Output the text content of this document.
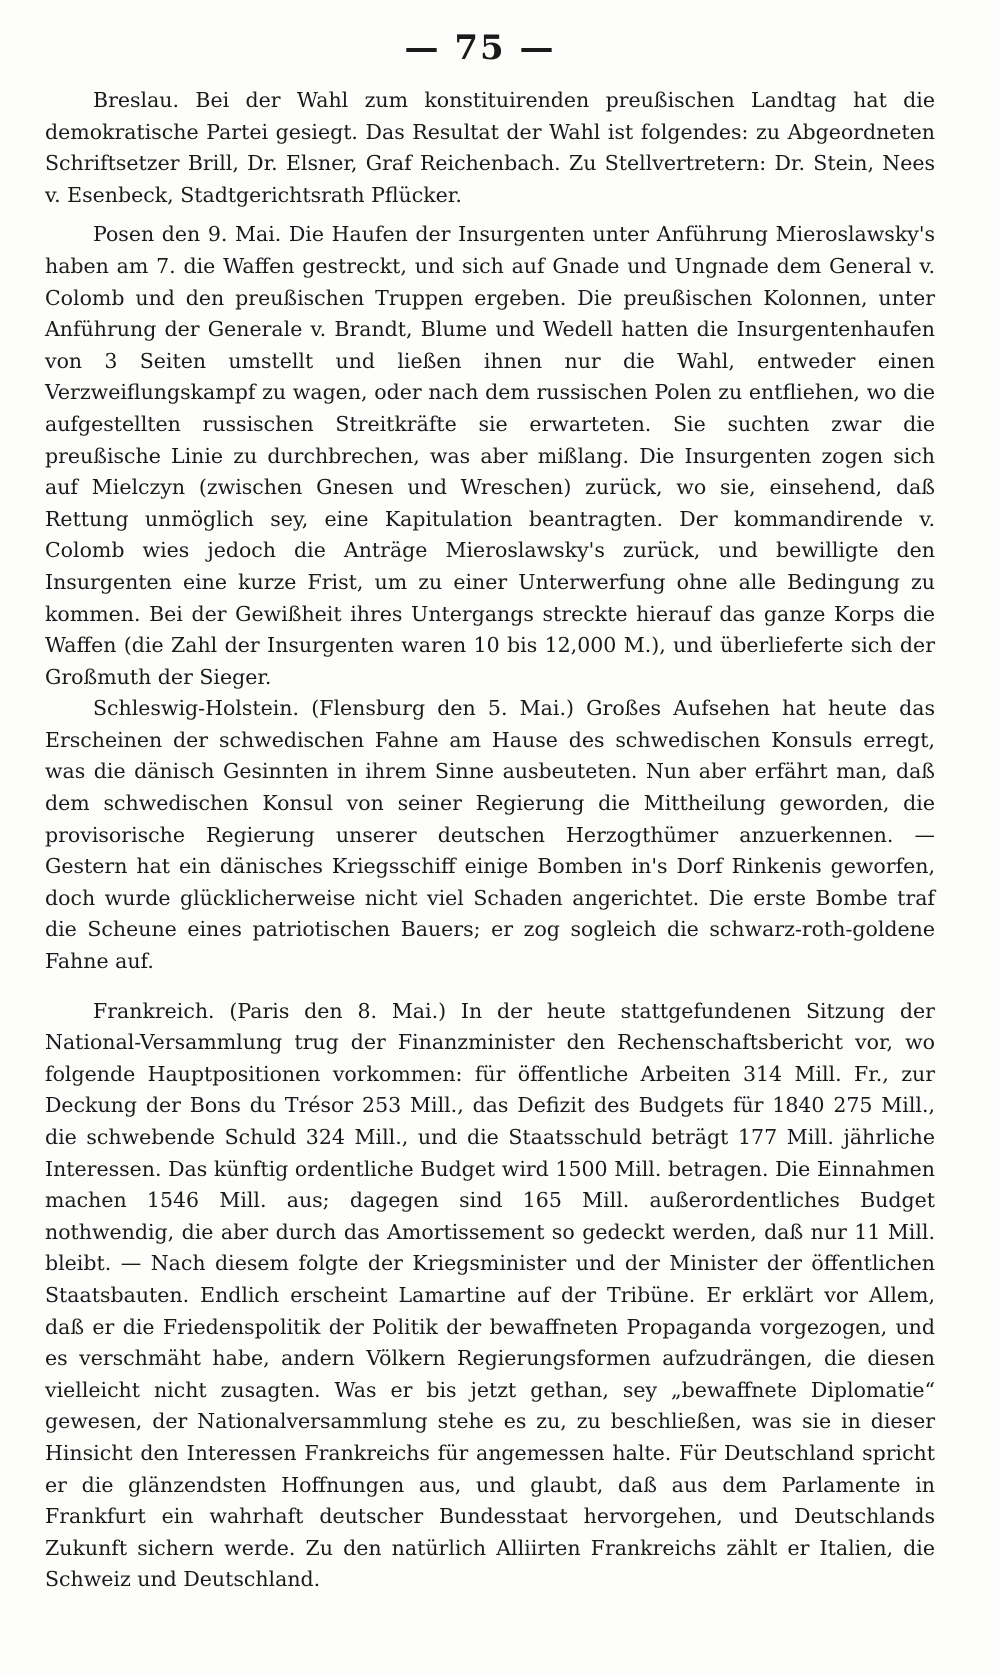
— 75 —

Breslau. Bei der Wahl zum konstituirenden preußischen Landtag hat die demokratische Partei gesiegt. Das Resultat der Wahl ist folgendes: zu Abgeordneten Schriftsetzer Brill, Dr. Elsner, Graf Reichenbach. Zu Stellvertretern: Dr. Stein, Nees v. Esenbeck, Stadtgerichtsrath Pflücker.

Posen den 9. Mai. Die Haufen der Insurgenten unter Anführung Mieroslawsky's haben am 7. die Waffen gestreckt, und sich auf Gnade und Ungnade dem General v. Colomb und den preußischen Truppen ergeben. Die preußischen Kolonnen, unter Anführung der Generale v. Brandt, Blume und Wedell hatten die Insurgentenhaufen von 3 Seiten umstellt und ließen ihnen nur die Wahl, entweder einen Verzweiflungskampf zu wagen, oder nach dem russischen Polen zu entfliehen, wo die aufgestellten russischen Streitkräfte sie erwarteten. Sie suchten zwar die preußische Linie zu durchbrechen, was aber mißlang. Die Insurgenten zogen sich auf Mielczyn (zwischen Gnesen und Wreschen) zurück, wo sie, einsehend, daß Rettung unmöglich sey, eine Kapitulation beantragten. Der kommandirende v. Colomb wies jedoch die Anträge Mieroslawsky's zurück, und bewilligte den Insurgenten eine kurze Frist, um zu einer Unterwerfung ohne alle Bedingung zu kommen. Bei der Gewißheit ihres Untergangs streckte hierauf das ganze Korps die Waffen (die Zahl der Insurgenten waren 10 bis 12,000 M.), und überlieferte sich der Großmuth der Sieger.

Schleswig-Holstein. (Flensburg den 5. Mai.) Großes Aufsehen hat heute das Erscheinen der schwedischen Fahne am Hause des schwedischen Konsuls erregt, was die dänisch Gesinnten in ihrem Sinne ausbeuteten. Nun aber erfährt man, daß dem schwedischen Konsul von seiner Regierung die Mittheilung geworden, die provisorische Regierung unserer deutschen Herzogthümer anzuerkennen. — Gestern hat ein dänisches Kriegsschiff einige Bomben in's Dorf Rinkenis geworfen, doch wurde glücklicherweise nicht viel Schaden angerichtet. Die erste Bombe traf die Scheune eines patriotischen Bauers; er zog sogleich die schwarz-roth-goldene Fahne auf.

Frankreich. (Paris den 8. Mai.) In der heute stattgefundenen Sitzung der National-Versammlung trug der Finanzminister den Rechenschaftsbericht vor, wo folgende Hauptpositionen vorkommen: für öffentliche Arbeiten 314 Mill. Fr., zur Deckung der Bons du Trésor 253 Mill., das Defizit des Budgets für 1840 275 Mill., die schwebende Schuld 324 Mill., und die Staatsschuld beträgt 177 Mill. jährliche Interessen. Das künftig ordentliche Budget wird 1500 Mill. betragen. Die Einnahmen machen 1546 Mill. aus; dagegen sind 165 Mill. außerordentliches Budget nothwendig, die aber durch das Amortissement so gedeckt werden, daß nur 11 Mill. bleibt. — Nach diesem folgte der Kriegsminister und der Minister der öffentlichen Staatsbauten. Endlich erscheint Lamartine auf der Tribüne. Er erklärt vor Allem, daß er die Friedenspolitik der Politik der bewaffneten Propaganda vorgezogen, und es verschmäht habe, andern Völkern Regierungsformen aufzudrängen, die diesen vielleicht nicht zusagten. Was er bis jetzt gethan, sey „bewaffnete Diplomatie“ gewesen, der Nationalversammlung stehe es zu, zu beschließen, was sie in dieser Hinsicht den Interessen Frankreichs für angemessen halte. Für Deutschland spricht er die glänzendsten Hoffnungen aus, und glaubt, daß aus dem Parlamente in Frankfurt ein wahrhaft deutscher Bundesstaat hervorgehen, und Deutschlands Zukunft sichern werde. Zu den natürlich Alliirten Frankreichs zählt er Italien, die Schweiz und Deutschland.
